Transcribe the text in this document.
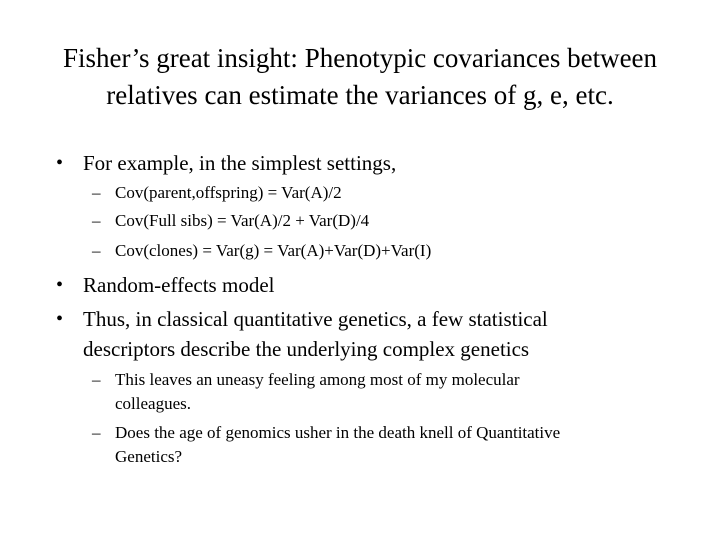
Fisher’s great insight: Phenotypic covariances between
relatives can estimate the variances of g, e, etc.
• For example, in the simplest settings,
– Cov(parent,offspring) = Var(A)/2
– Cov(Full sibs) = Var(A)/2 + Var(D)/4
– Cov(clones) = Var(g) = Var(A)+Var(D)+Var(I)
• Random-effects model
• Thus, in classical quantitative genetics, a few statistical
descriptors describe the underlying complex genetics
– This leaves an uneasy feeling among most of my molecular
colleagues.
– Does the age of genomics usher in the death knell of Quantitative
Genetics?
